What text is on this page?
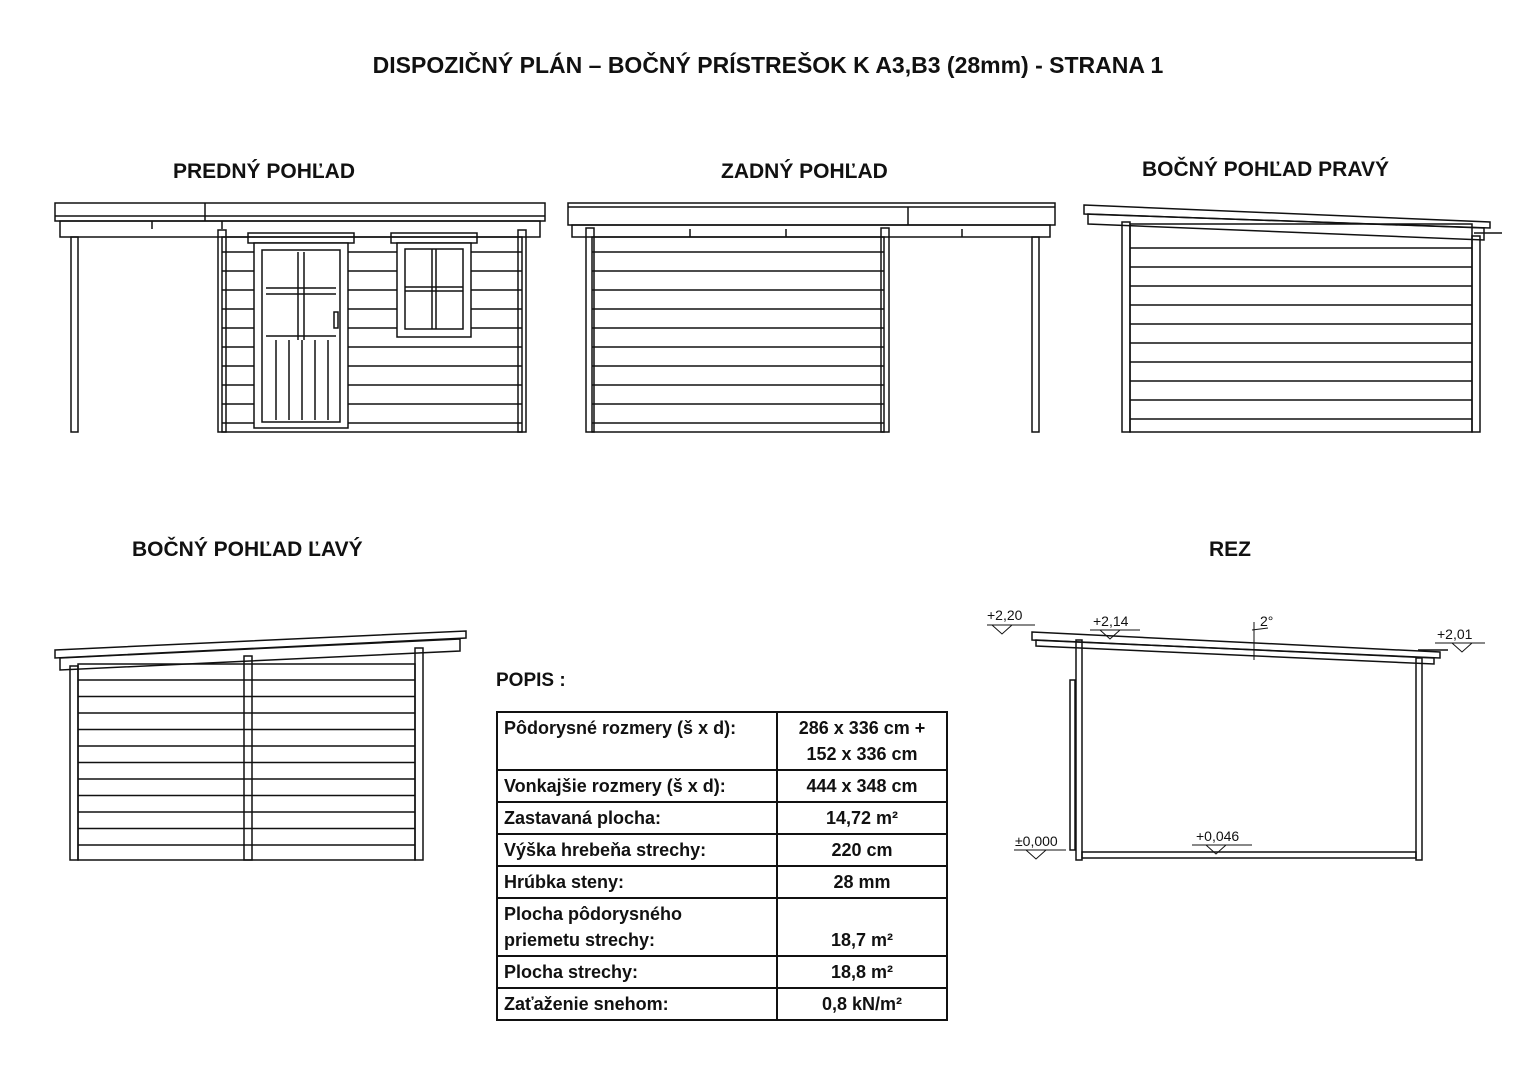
DISPOZIČNÝ PLÁN – BOČNÝ PRÍSTREŠOK K A3,B3 (28mm) - STRANA 1
PREDNÝ POHĽAD	ZADNÝ POHĽAD	BOČNÝ POHĽAD PRAVÝ
BOČNÝ POHĽAD ĽAVÝ	REZ
+2,20	+2,14	2°
+2,01
±0,000	+0,046
POPIS :
Pôdorysné rozmery (š x d):	286 x 336 cm +
152 x 336 cm

Vonkajšie rozmery (š x d):	444 x 348 cm
Zastavaná plocha:	14,72 m²
Výška hrebeňa strechy:	220 cm
Hrúbka steny:	28 mm

Plocha pôdorysného
priemetu strechy:	18,7 m²
Plocha strechy:	18,8 m²
Zaťaženie snehom:	0,8 kN/m²
